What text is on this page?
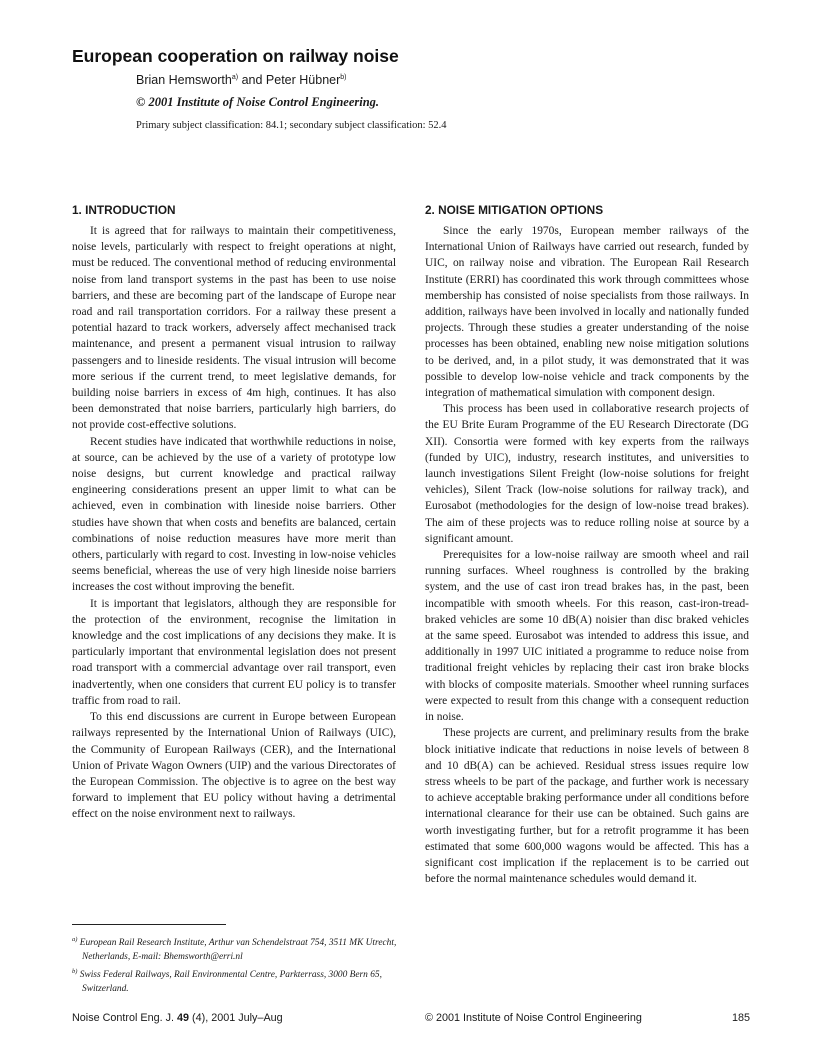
European cooperation on railway noise
Brian Hemsworth$^{a)}$ and Peter Hübner$^{b)}$
© 2001 Institute of Noise Control Engineering.
Primary subject classification: 84.1; secondary subject classification: 52.4
1. INTRODUCTION

It is agreed that for railways to maintain their competitiveness, noise levels, particularly with respect to freight operations at night, must be reduced. The conventional method of reducing environmental noise from land transport systems in the past has been to use noise barriers, and these are becoming part of the landscape of Europe near road and rail transportation corridors. For a railway these present a potential hazard to track workers, adversely affect mechanised track maintenance, and present a permanent visual intrusion to railway passengers and to lineside residents. The visual intrusion will become more serious if the current trend, to meet legislative demands, for building noise barriers in excess of 4m high, continues. It has also been demonstrated that noise barriers, particularly high barriers, do not provide cost-effective solutions.

Recent studies have indicated that worthwhile reductions in noise, at source, can be achieved by the use of a variety of prototype low noise designs, but current knowledge and practical railway engineering considerations present an upper limit to what can be achieved, even in combination with lineside noise barriers. Other studies have shown that when costs and benefits are balanced, certain combinations of noise reduction measures have more merit than others, particularly with regard to cost. Investing in low-noise vehicles seems beneficial, whereas the use of very high lineside noise barriers increases the cost without improving the benefit.

It is important that legislators, although they are responsible for the protection of the environment, recognise the limitation in knowledge and the cost implications of any decisions they make. It is particularly important that environmental legislation does not present road transport with a commercial advantage over rail transport, even inadvertently, when one considers that current EU policy is to transfer traffic from road to rail.

To this end discussions are current in Europe between European railways represented by the International Union of Railways (UIC), the Community of European Railways (CER), and the International Union of Private Wagon Owners (UIP) and the various Directorates of the European Commission. The objective is to agree on the best way forward to implement that EU policy without having a detrimental effect on the noise environment next to railways.

2. NOISE MITIGATION OPTIONS

Since the early 1970s, European member railways of the International Union of Railways have carried out research, funded by UIC, on railway noise and vibration. The European Rail Research Institute (ERRI) has coordinated this work through committees whose membership has consisted of noise specialists from those railways. In addition, railways have been involved in locally and nationally funded projects. Through these studies a greater understanding of the noise processes has been obtained, enabling new noise mitigation solutions to be derived, and, in a pilot study, it was demonstrated that it was possible to develop low-noise vehicle and track components by the integration of mathematical simulation with component design.

This process has been used in collaborative research projects of the EU Brite Euram Programme of the EU Research Directorate (DG XII). Consortia were formed with key experts from the railways (funded by UIC), industry, research institutes, and universities to launch investigations Silent Freight (low-noise solutions for freight vehicles), Silent Track (low-noise solutions for railway track), and Eurosabot (methodologies for the design of low-noise tread brakes). The aim of these projects was to reduce rolling noise at source by a significant amount.

Prerequisites for a low-noise railway are smooth wheel and rail running surfaces. Wheel roughness is controlled by the braking system, and the use of cast iron tread brakes has, in the past, been incompatible with smooth wheels. For this reason, cast-iron-tread-braked vehicles are some 10 dB(A) noisier than disc braked vehicles at the same speed. Eurosabot was intended to address this issue, and additionally in 1997 UIC initiated a programme to reduce noise from traditional freight vehicles by replacing their cast iron brake blocks with blocks of composite materials. Smoother wheel running surfaces were expected to result from this change with a consequent reduction in noise.

These projects are current, and preliminary results from the brake block initiative indicate that reductions in noise levels of between 8 and 10 dB(A) can be achieved. Residual stress issues require low stress wheels to be part of the package, and further work is necessary to achieve acceptable braking performance under all conditions before international clearance for their use can be obtained. Such gains are worth investigating further, but for a retrofit programme it has been estimated that some 600,000 wagons would be affected. This has a significant cost implication if the replacement is to be carried out before the normal maintenance schedules would demand it.

$^{a)}$ European Rail Research Institute, Arthur van Schendelstraat 754, 3511 MK Utrecht, Netherlands, E-mail: Bhemsworth@erri.nl
$^{b)}$ Swiss Federal Railways, Rail Environmental Centre, Parkterrass, 3000 Bern 65, Switzerland.
Noise Control Eng. J. 49 (4), 2001 July–Aug	© 2001 Institute of Noise Control Engineering	185
